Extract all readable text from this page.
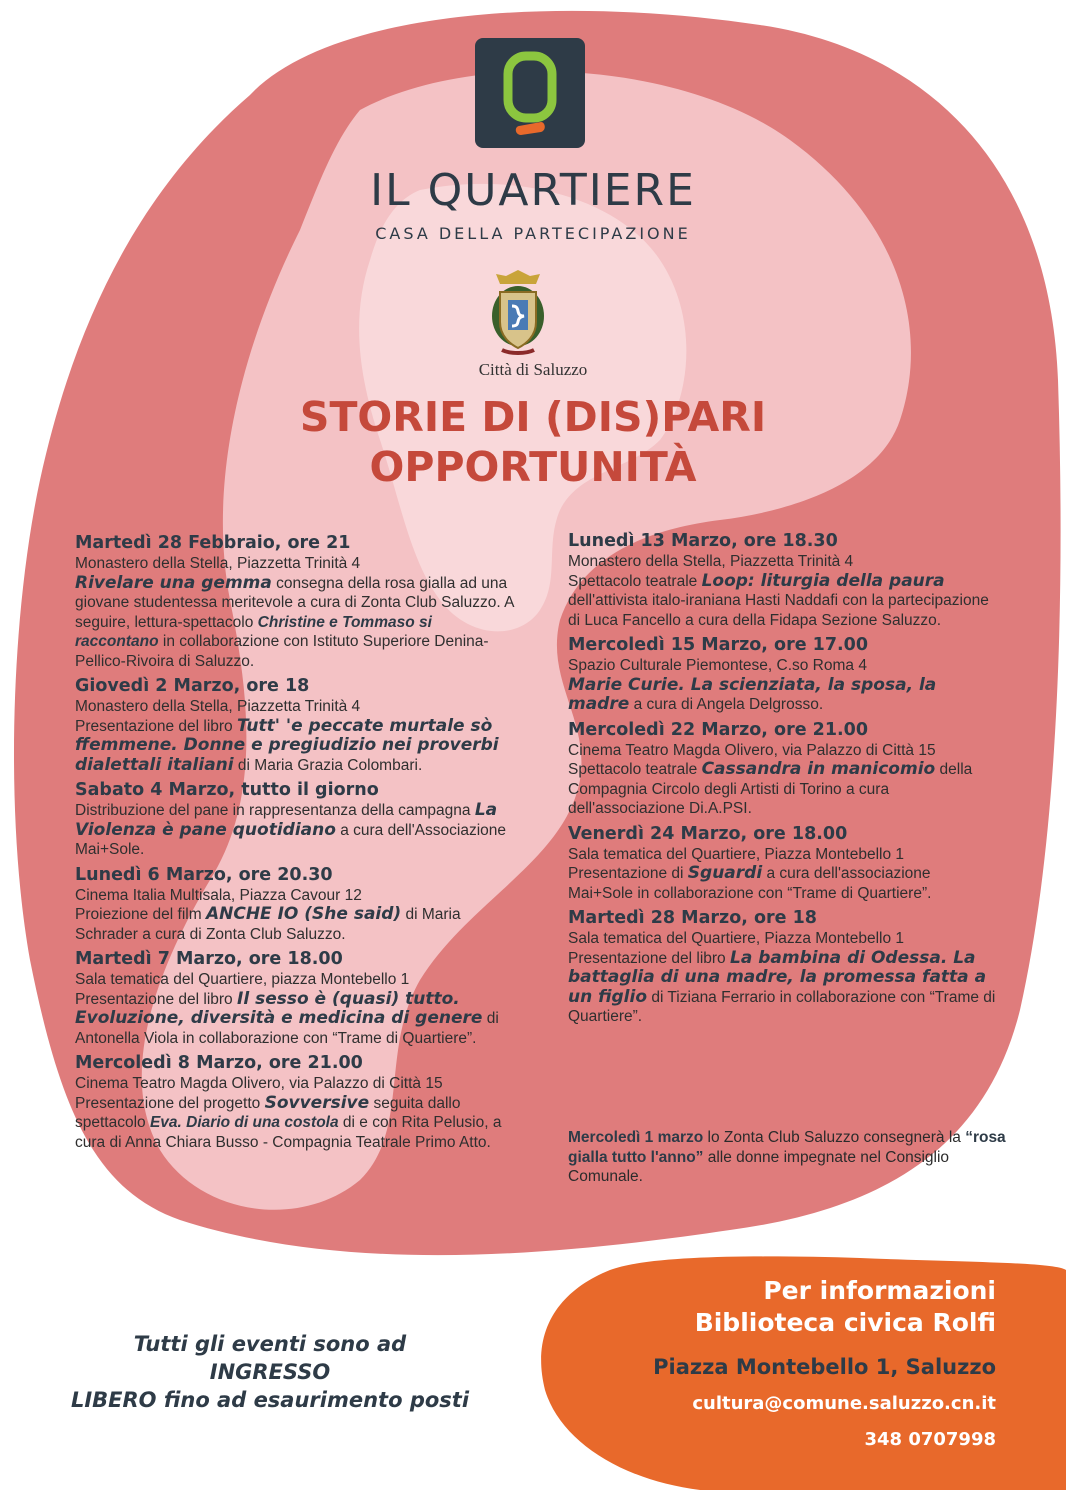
IL QUARTIERE
CASA DELLA PARTECIPAZIONE
Città di Saluzzo
STORIE DI (DIS)PARI
OPPORTUNITÀ
Martedì 28 Febbraio, ore 21
Monastero della Stella, Piazzetta Trinità 4
Rivelare una gemma consegna della rosa gialla ad una giovane studentessa meritevole a cura di Zonta Club Saluzzo. A seguire, lettura-spettacolo Christine e Tommaso si raccontano in collaborazione con Istituto Superiore Denina-Pellico-Rivoira di Saluzzo.
Giovedì 2 Marzo, ore 18
Monastero della Stella, Piazzetta Trinità 4
Presentazione del libro Tutt' 'e peccate murtale sò ffemmene. Donne e pregiudizio nei proverbi dialettali italiani di Maria Grazia Colombari.
Sabato 4 Marzo, tutto il giorno
Distribuzione del pane in rappresentanza della campagna La Violenza è pane quotidiano a cura dell'Associazione Mai+Sole.
Lunedì 6 Marzo, ore 20.30
Cinema Italia Multisala, Piazza Cavour 12
Proiezione del film ANCHE IO (She said) di Maria Schrader a cura di Zonta Club Saluzzo.
Martedì 7 Marzo, ore 18.00
Sala tematica del Quartiere, piazza Montebello 1
Presentazione del libro Il sesso è (quasi) tutto. Evoluzione, diversità e medicina di genere di Antonella Viola in collaborazione con “Trame di Quartiere”.
Mercoledì 8 Marzo, ore 21.00
Cinema Teatro Magda Olivero, via Palazzo di Città 15
Presentazione del progetto Sovversive seguita dallo spettacolo Eva. Diario di una costola di e con Rita Pelusio, a cura di Anna Chiara Busso - Compagnia Teatrale Primo Atto.
Lunedì 13 Marzo, ore 18.30
Monastero della Stella, Piazzetta Trinità 4
Spettacolo teatrale Loop: liturgia della paura dell'attivista italo-iraniana Hasti Naddafi con la partecipazione di Luca Fancello a cura della Fidapa Sezione Saluzzo.
Mercoledì 15 Marzo, ore 17.00
Spazio Culturale Piemontese, C.so Roma 4
Marie Curie. La scienziata, la sposa, la madre a cura di Angela Delgrosso.
Mercoledì 22 Marzo, ore 21.00
Cinema Teatro Magda Olivero, via Palazzo di Città 15
Spettacolo teatrale Cassandra in manicomio della Compagnia Circolo degli Artisti di Torino a cura dell'associazione Di.A.PSI.
Venerdì 24 Marzo, ore 18.00
Sala tematica del Quartiere, Piazza Montebello 1
Presentazione di Sguardi a cura dell'associazione Mai+Sole in collaborazione con “Trame di Quartiere”.
Martedì 28 Marzo, ore 18
Sala tematica del Quartiere, Piazza Montebello 1
Presentazione del libro La bambina di Odessa. La battaglia di una madre, la promessa fatta a un figlio di Tiziana Ferrario in collaborazione con “Trame di Quartiere”.
Mercoledì 1 marzo lo Zonta Club Saluzzo consegnerà la “rosa gialla tutto l'anno” alle donne impegnate nel Consiglio Comunale.
Tutti gli eventi sono ad INGRESSO
LIBERO fino ad esaurimento posti
Per informazioni
Biblioteca civica Rolfi
Piazza Montebello 1, Saluzzo
cultura@comune.saluzzo.cn.it
348 0707998
